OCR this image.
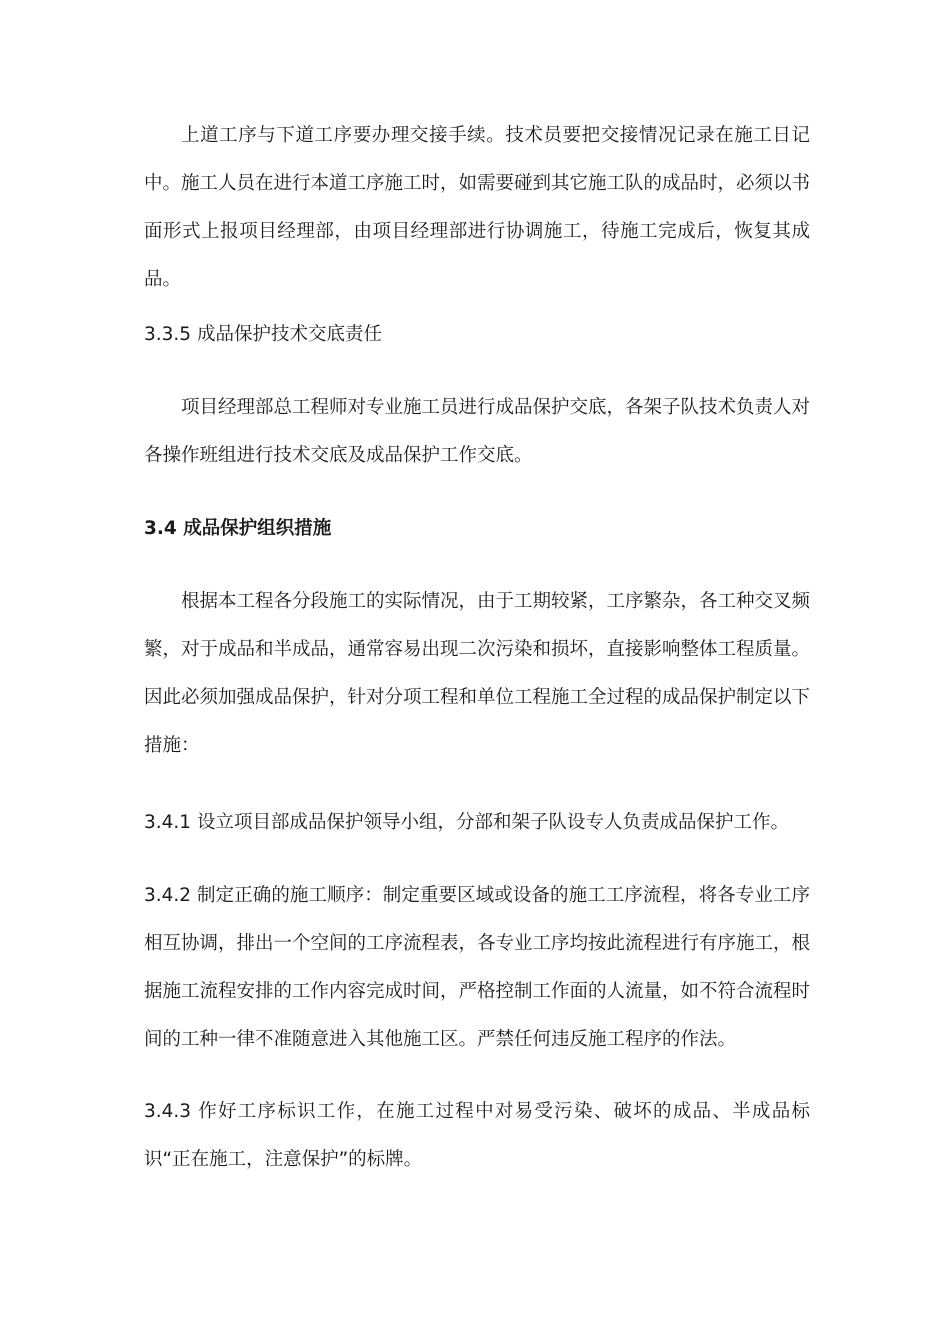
上道工序与下道工序要办理交接手续。技术员要把交接情况记录在施工日记中。施工人员在进行本道工序施工时，如需要碰到其它施工队的成品时，必须以书面形式上报项目经理部，由项目经理部进行协调施工，待施工完成后，恢复其成品。

3.3.5 成品保护技术交底责任

项目经理部总工程师对专业施工员进行成品保护交底，各架子队技术负责人对各操作班组进行技术交底及成品保护工作交底。

3.4 成品保护组织措施

根据本工程各分段施工的实际情况，由于工期较紧，工序繁杂，各工种交叉频繁，对于成品和半成品，通常容易出现二次污染和损坏，直接影响整体工程质量。因此必须加强成品保护，针对分项工程和单位工程施工全过程的成品保护制定以下措施：

3.4.1 设立项目部成品保护领导小组，分部和架子队设专人负责成品保护工作。

3.4.2 制定正确的施工顺序：制定重要区域或设备的施工工序流程，将各专业工序相互协调，排出一个空间的工序流程表，各专业工序均按此流程进行有序施工，根据施工流程安排的工作内容完成时间，严格控制工作面的人流量，如不符合流程时间的工种一律不准随意进入其他施工区。严禁任何违反施工程序的作法。

3.4.3 作好工序标识工作，在施工过程中对易受污染、破坏的成品、半成品标识“正在施工，注意保护”的标牌。
